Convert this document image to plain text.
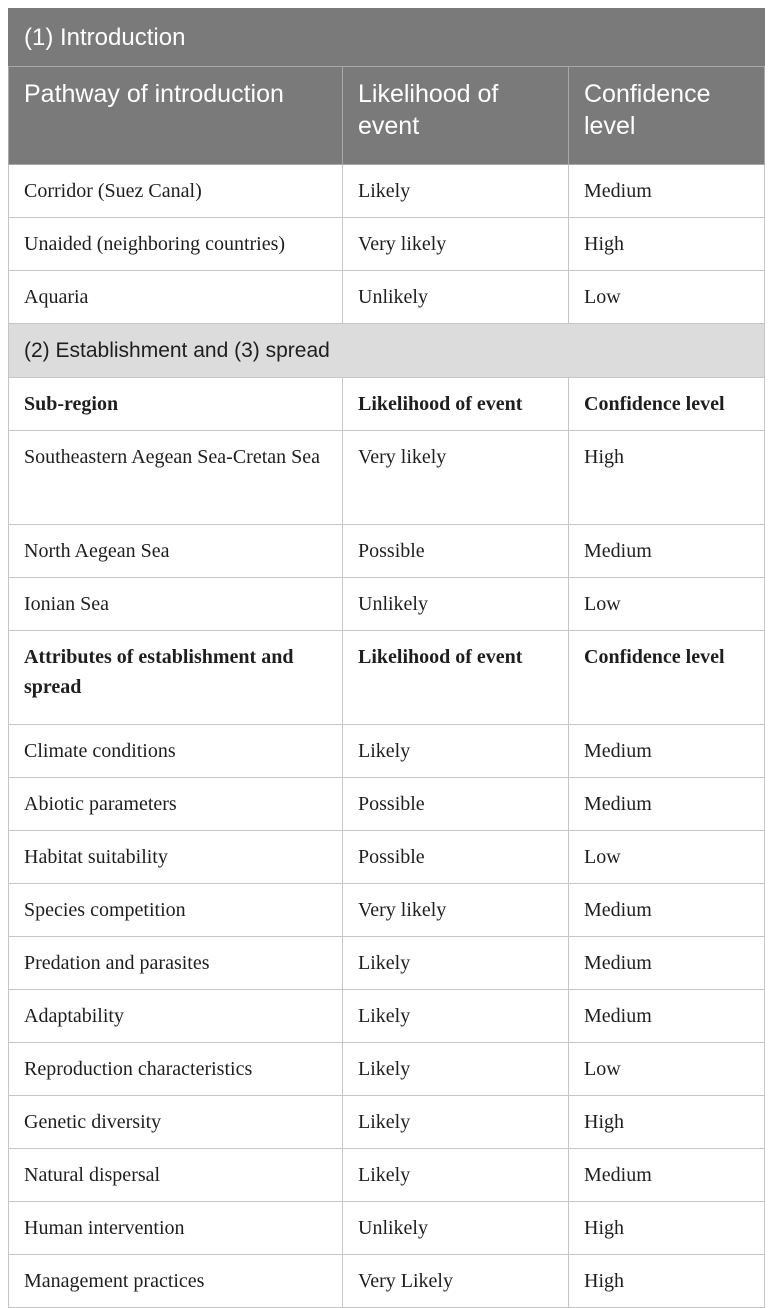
(1) Introduction		
Pathway of introduction	Likelihood of event	Confidence level
Corridor (Suez Canal)	Likely	Medium
Unaided (neighboring countries)	Very likely	High
Aquaria	Unlikely	Low
(2) Establishment and (3) spread		
Sub-region	Likelihood of event	Confidence level
Southeastern Aegean Sea-Cretan Sea	Very likely	High
North Aegean Sea	Possible	Medium
Ionian Sea	Unlikely	Low
Attributes of establishment and spread	Likelihood of event	Confidence level
Climate conditions	Likely	Medium
Abiotic parameters	Possible	Medium
Habitat suitability	Possible	Low
Species competition	Very likely	Medium
Predation and parasites	Likely	Medium
Adaptability	Likely	Medium
Reproduction characteristics	Likely	Low
Genetic diversity	Likely	High
Natural dispersal	Likely	Medium
Human intervention	Unlikely	High
Management practices	Very Likely	High
